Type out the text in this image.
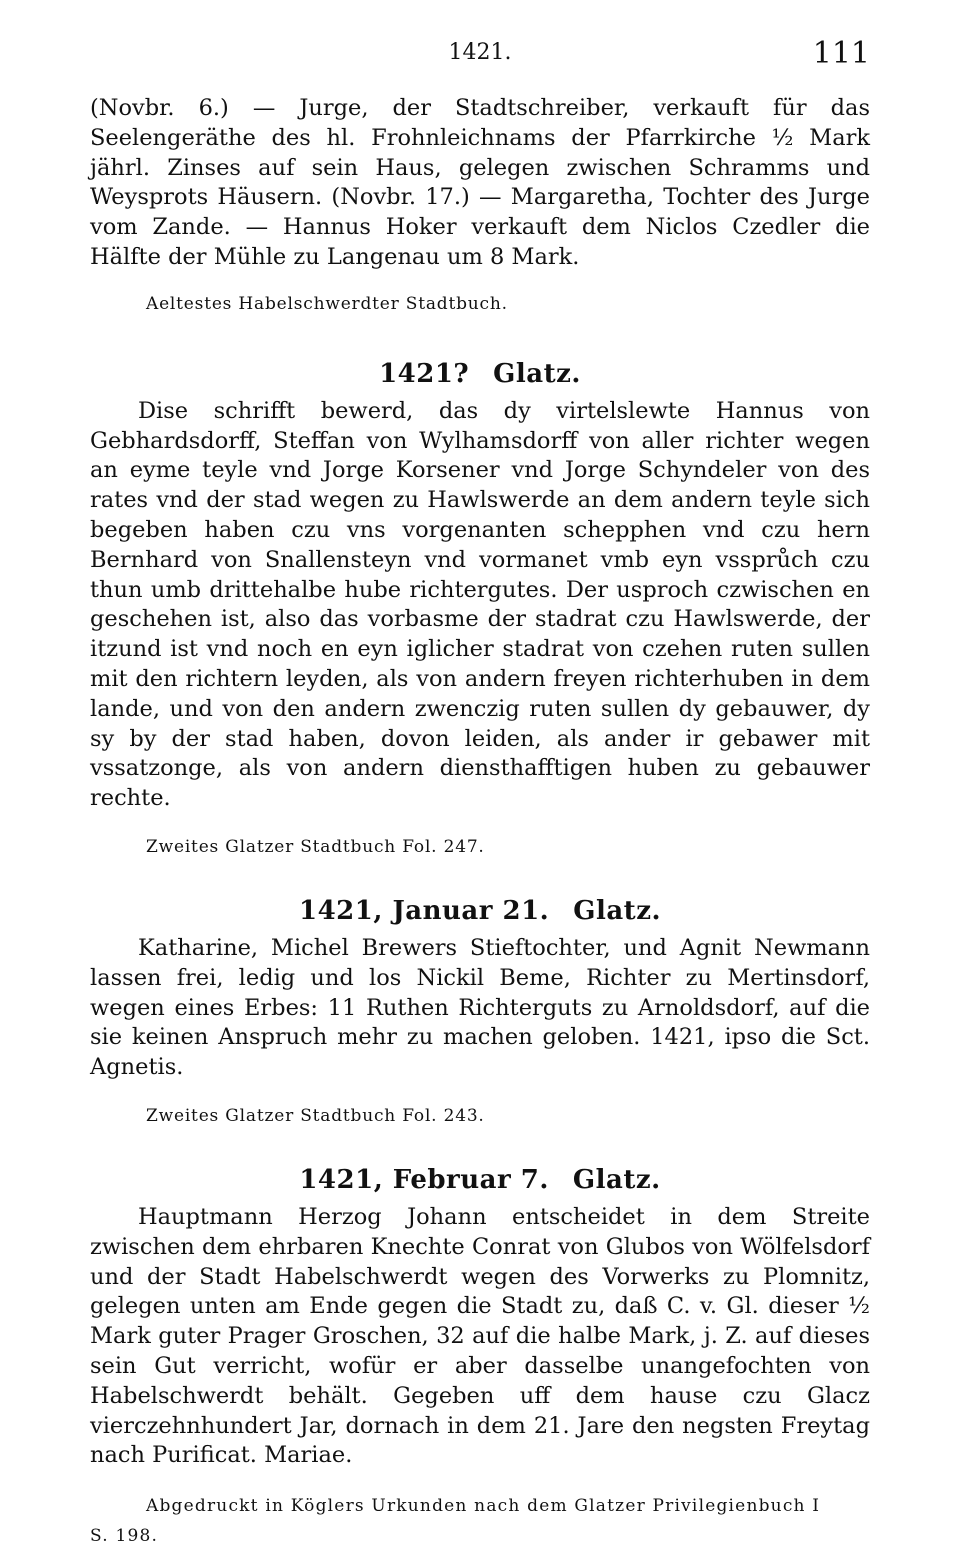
1421.	111

(Novbr. 6.) — Jurge, der Stadtschreiber, verkauft für das Seelengeräthe des hl. Frohnleichnams der Pfarrkirche ½ Mark jährl. Zinses auf sein Haus, gelegen zwischen Schramms und Weysprots Häusern. (Novbr. 17.) — Margaretha, Tochter des Jurge vom Zande. — Hannus Hoker verkauft dem Niclos Czedler die Hälfte der Mühle zu Langenau um 8 Mark.

Aeltestes Habelschwerdter Stadtbuch.

1421? Glatz.

Dise schrifft bewerd, das dy virtelslewte Hannus von Gebhardsdorff, Steffan von Wylhamsdorff von aller richter wegen an eyme teyle vnd Jorge Korsener vnd Jorge Schyndeler von des rates vnd der stad wegen zu Hawlswerde an dem andern teyle sich begeben haben czu vns vorgenanten schepphen vnd czu hern Bernhard von Snallensteyn vnd vormanet vmb eyn vssprůch czu thun umb drittehalbe hube richtergutes. Der usproch czwischen en geschehen ist, also das vorbasme der stadrat czu Hawlswerde, der itzund ist vnd noch en eyn iglicher stadrat von czehen ruten sullen mit den richtern leyden, als von andern freyen richterhuben in dem lande, und von den andern zwenczig ruten sullen dy gebauwer, dy sy by der stad haben, dovon leiden, als ander ir gebawer mit vssatzonge, als von andern diensthafftigen huben zu gebauwer rechte.

Zweites Glatzer Stadtbuch Fol. 247.

1421, Januar 21. Glatz.

Katharine, Michel Brewers Stieftochter, und Agnit Newmann lassen frei, ledig und los Nickil Beme, Richter zu Mertinsdorf, wegen eines Erbes: 11 Ruthen Richterguts zu Arnoldsdorf, auf die sie keinen Anspruch mehr zu machen geloben. 1421, ipso die Sct. Agnetis.

Zweites Glatzer Stadtbuch Fol. 243.

1421, Februar 7. Glatz.

Hauptmann Herzog Johann entscheidet in dem Streite zwischen dem ehrbaren Knechte Conrat von Glubos von Wölfelsdorf und der Stadt Habelschwerdt wegen des Vorwerks zu Plomnitz, gelegen unten am Ende gegen die Stadt zu, daß C. v. Gl. dieser ½ Mark guter Prager Groschen, 32 auf die halbe Mark, j. Z. auf dieses sein Gut verricht, wofür er aber dasselbe unangefochten von Habelschwerdt behält. Gegeben uff dem hause czu Glacz vierczehnhundert Jar, dornach in dem 21. Jare den negsten Freytag nach Purificat. Mariae.

Abgedruckt in Köglers Urkunden nach dem Glatzer Privilegienbuch I
S. 198.
